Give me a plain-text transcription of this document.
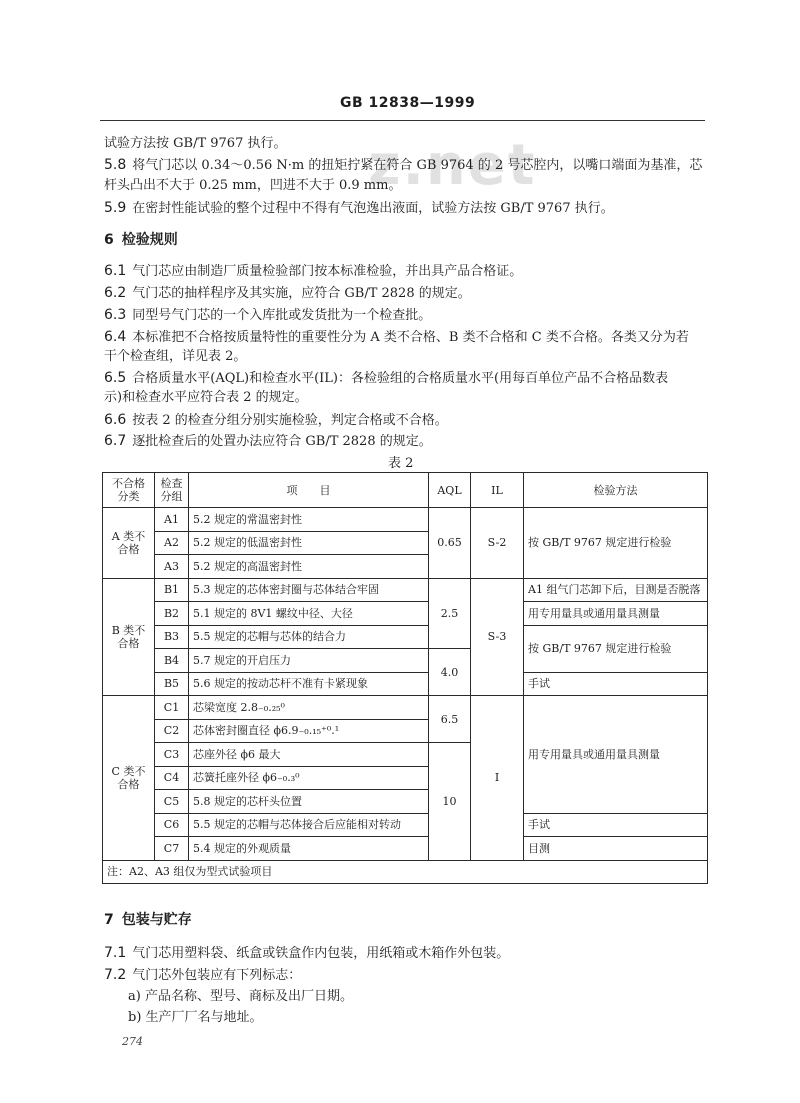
GB 12838—1999
z.net
试验方法按 GB/T 9767 执行。
5.8 将气门芯以 0.34～0.56 N·m 的扭矩拧紧在符合 GB 9764 的 2 号芯腔内，以嘴口端面为基准，芯
杆头凸出不大于 0.25 mm，凹进不大于 0.9 mm。
5.9 在密封性能试验的整个过程中不得有气泡逸出液面，试验方法按 GB/T 9767 执行。
6 检验规则
6.1 气门芯应由制造厂质量检验部门按本标准检验，并出具产品合格证。
6.2 气门芯的抽样程序及其实施，应符合 GB/T 2828 的规定。
6.3 同型号气门芯的一个入库批或发货批为一个检查批。
6.4 本标准把不合格按质量特性的重要性分为 A 类不合格、B 类不合格和 C 类不合格。各类又分为若
干个检查组，详见表 2。
6.5 合格质量水平(AQL)和检查水平(IL)：各检验组的合格质量水平(用每百单位产品不合格品数表
示)和检查水平应符合表 2 的规定。
6.6 按表 2 的检查分组分别实施检验，判定合格或不合格。
6.7 逐批检查后的处置办法应符合 GB/T 2828 的规定。
表 2
不合格分类	检查分组	项　　目	AQL	IL	检验方法
A 类不合格	A1	5.2 规定的常温密封性	0.65	S-2	按 GB/T 9767 规定进行检验
	A2	5.2 规定的低温密封性			
	A3	5.2 规定的高温密封性			
B 类不合格	B1	5.3 规定的芯体密封圈与芯体结合牢固	2.5	S-3	A1 组气门芯卸下后，目测是否脱落
	B2	5.1 规定的 8V1 螺纹中径、大径			用专用量具或通用量具测量
	B3	5.5 规定的芯帽与芯体的结合力			按 GB/T 9767 规定进行检验
	B4	5.7 规定的开启压力	4.0		
	B5	5.6 规定的按动芯杆不准有卡紧现象			手试
C 类不合格	C1	芯梁宽度 2.8₋₀.₂₅⁰	6.5	I	用专用量具或通用量具测量
	C2	芯体密封圈直径 ϕ6.9₋₀.₁₅⁺⁰.¹			
	C3	芯座外径 ϕ6 最大	10		
	C4	芯簧托座外径 ϕ6₋₀.₃⁰			
	C5	5.8 规定的芯杆头位置			
	C6	5.5 规定的芯帽与芯体接合后应能相对转动			手试
	C7	5.4 规定的外观质量			目测
注：A2、A3 组仅为型式试验项目					
7 包装与贮存
7.1 气门芯用塑料袋、纸盒或铁盒作内包装，用纸箱或木箱作外包装。
7.2 气门芯外包装应有下列标志：
a) 产品名称、型号、商标及出厂日期。
b) 生产厂厂名与地址。
274
